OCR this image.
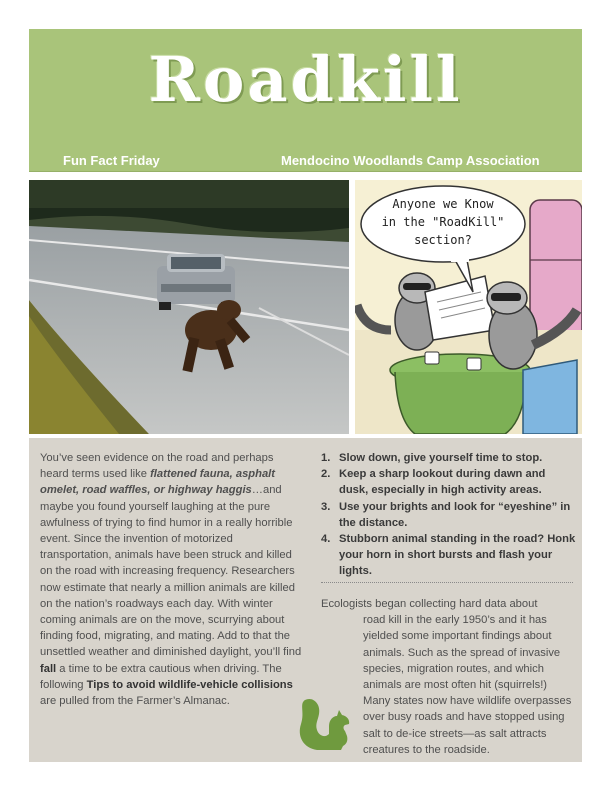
Roadkill
Fun Fact Friday	Mendocino Woodlands Camp Association
Anyone we Know
in the "RoadKill"
section?
You’ve seen evidence on the road and perhaps heard terms used like flattened fauna, asphalt omelet, road waffles, or highway haggis…and maybe you found yourself laughing at the pure awfulness of trying to find humor in a really horrible event. Since the invention of motorized transportation, animals have been struck and killed on the road with increasing frequency. Researchers now estimate that nearly a million animals are killed on the nation’s roadways each day. With winter coming animals are on the move, scurrying about finding food, migrating, and mating. Add to that the unsettled weather and diminished daylight, you’ll find fall a time to be extra cautious when driving. The following Tips to avoid wildlife-vehicle collisions are pulled from the Farmer’s Almanac.
1. Slow down, give yourself time to stop.
2. Keep a sharp lookout during dawn and dusk, especially in high activity areas.
3. Use your brights and look for “eyeshine” in the distance.
4. Stubborn animal standing in the road? Honk your horn in short bursts and flash your lights.
Ecologists began collecting hard data about
road kill in the early 1950’s and it has yielded some important findings about animals. Such as the spread of invasive species, migration routes, and which animals are most often hit (squirrels!) Many states now have wildlife overpasses over busy roads and have stopped using salt to de-ice streets—as salt attracts creatures to the roadside.
